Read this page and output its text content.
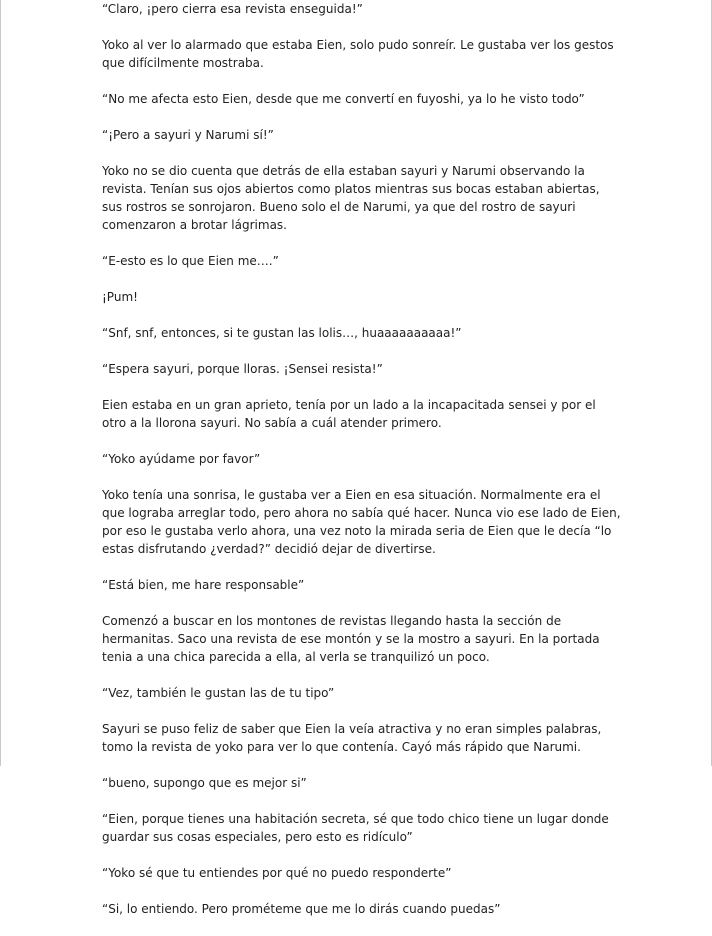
“Claro, ¡pero cierra esa revista enseguida!”

Yoko al ver lo alarmado que estaba Eien, solo pudo sonreír. Le gustaba ver los gestos que difícilmente mostraba.

“No me afecta esto Eien, desde que me convertí en fuyoshi, ya lo he visto todo”

“¡Pero a sayuri y Narumi sí!”

Yoko no se dio cuenta que detrás de ella estaban sayuri y Narumi observando la revista. Tenían sus ojos abiertos como platos mientras sus bocas estaban abiertas, sus rostros se sonrojaron. Bueno solo el de Narumi, ya que del rostro de sayuri comenzaron a brotar lágrimas.

“E-esto es lo que Eien me….”

¡Pum!

“Snf, snf, entonces, si te gustan las lolis…, huaaaaaaaaaa!”

“Espera sayuri, porque lloras. ¡Sensei resista!”

Eien estaba en un gran aprieto, tenía por un lado a la incapacitada sensei y por el otro a la llorona sayuri. No sabía a cuál atender primero.

“Yoko ayúdame por favor”

Yoko tenía una sonrisa, le gustaba ver a Eien en esa situación. Normalmente era el que lograba arreglar todo, pero ahora no sabía qué hacer. Nunca vio ese lado de Eien, por eso le gustaba verlo ahora, una vez noto la mirada seria de Eien que le decía “lo estas disfrutando ¿verdad?” decidió dejar de divertirse.

“Está bien, me hare responsable”

Comenzó a buscar en los montones de revistas llegando hasta la sección de hermanitas. Saco una revista de ese montón y se la mostro a sayuri. En la portada tenia a una chica parecida a ella, al verla se tranquilizó un poco.

“Vez, también le gustan las de tu tipo”

Sayuri se puso feliz de saber que Eien la veía atractiva y no eran simples palabras, tomo la revista de yoko para ver lo que contenía. Cayó más rápido que Narumi.

“bueno, supongo que es mejor si”

“Eien, porque tienes una habitación secreta, sé que todo chico tiene un lugar donde guardar sus cosas especiales, pero esto es ridículo”

“Yoko sé que tu entiendes por qué no puedo responderte”

“Si, lo entiendo. Pero prométeme que me lo dirás cuando puedas”
